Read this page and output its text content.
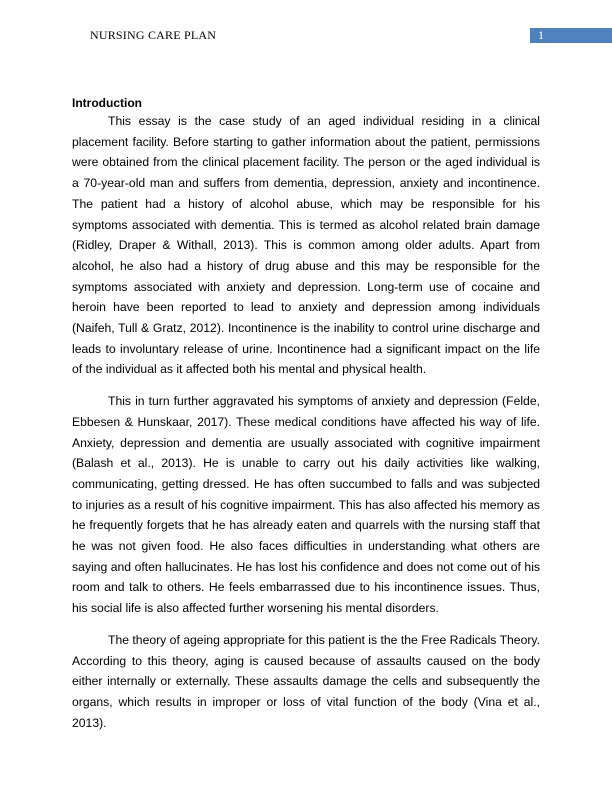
NURSING CARE PLAN	1
Introduction

This essay is the case study of an aged individual residing in a clinical placement facility. Before starting to gather information about the patient, permissions were obtained from the clinical placement facility. The person or the aged individual is a 70-year-old man and suffers from dementia, depression, anxiety and incontinence. The patient had a history of alcohol abuse, which may be responsible for his symptoms associated with dementia. This is termed as alcohol related brain damage (Ridley, Draper & Withall, 2013). This is common among older adults. Apart from alcohol, he also had a history of drug abuse and this may be responsible for the symptoms associated with anxiety and depression. Long-term use of cocaine and heroin have been reported to lead to anxiety and depression among individuals (Naifeh, Tull & Gratz, 2012). Incontinence is the inability to control urine discharge and leads to involuntary release of urine. Incontinence had a significant impact on the life of the individual as it affected both his mental and physical health.

This in turn further aggravated his symptoms of anxiety and depression (Felde, Ebbesen & Hunskaar, 2017). These medical conditions have affected his way of life. Anxiety, depression and dementia are usually associated with cognitive impairment (Balash et al., 2013). He is unable to carry out his daily activities like walking, communicating, getting dressed. He has often succumbed to falls and was subjected to injuries as a result of his cognitive impairment. This has also affected his memory as he frequently forgets that he has already eaten and quarrels with the nursing staff that he was not given food. He also faces difficulties in understanding what others are saying and often hallucinates. He has lost his confidence and does not come out of his room and talk to others. He feels embarrassed due to his incontinence issues. Thus, his social life is also affected further worsening his mental disorders.

The theory of ageing appropriate for this patient is the the Free Radicals Theory. According to this theory, aging is caused because of assaults caused on the body either internally or externally. These assaults damage the cells and subsequently the organs, which results in improper or loss of vital function of the body (Vina et al., 2013).
